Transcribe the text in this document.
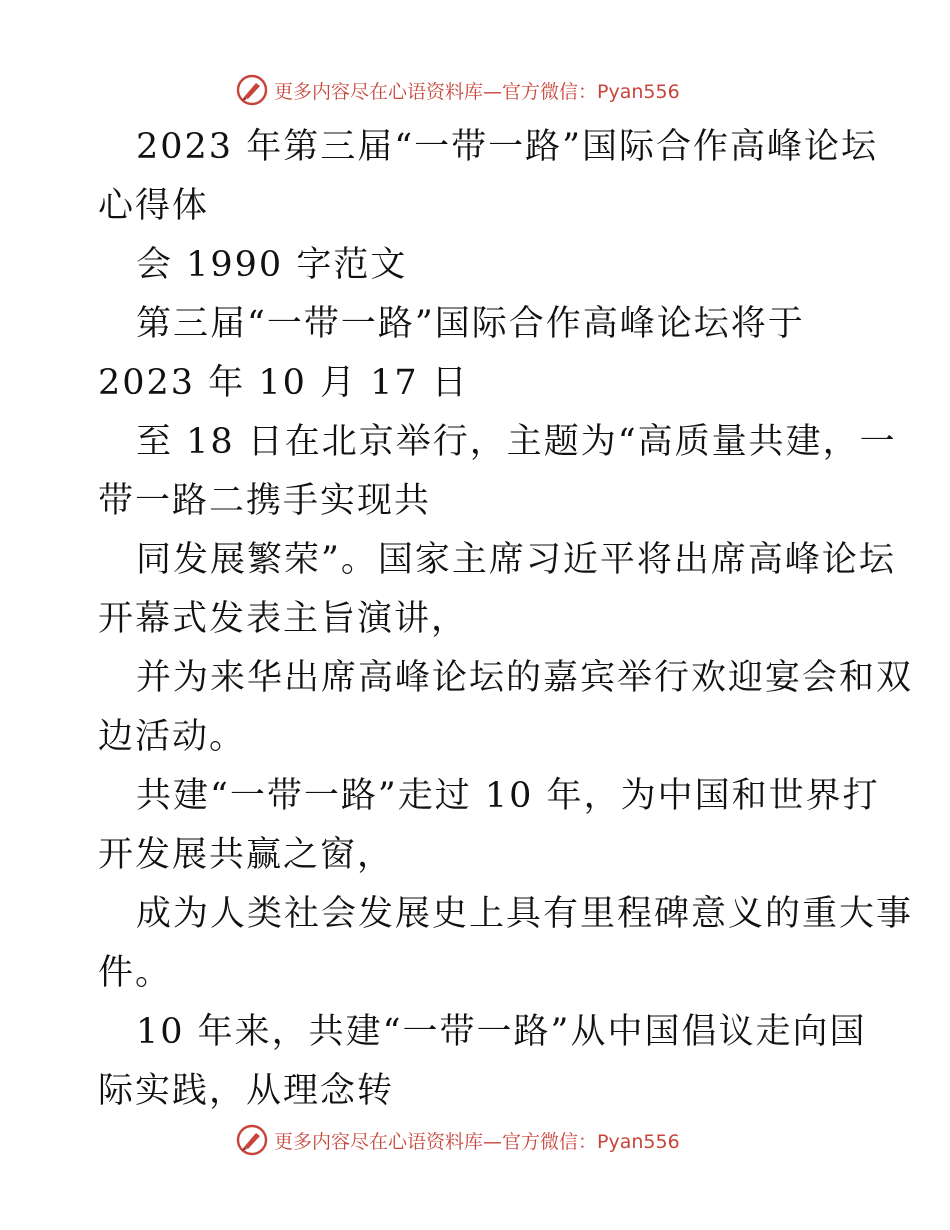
更多内容尽在心语资料库—官方微信：Pyan556

2023 年第三届“一带一路”国际合作高峰论坛

心得体

会 1990 字范文

第三届“一带一路”国际合作高峰论坛将于

2023 年 10 月 17 日

至 18 日在北京举行，主题为“高质量共建，一

带一路二携手实现共

同发展繁荣”。国家主席习近平将出席高峰论坛

开幕式发表主旨演讲，

并为来华出席高峰论坛的嘉宾举行欢迎宴会和双

边活动。

共建“一带一路”走过 10 年，为中国和世界打

开发展共赢之窗，

成为人类社会发展史上具有里程碑意义的重大事

件。

10 年来，共建“一带一路”从中国倡议走向国

际实践，从理念转

更多内容尽在心语资料库—官方微信：Pyan556
